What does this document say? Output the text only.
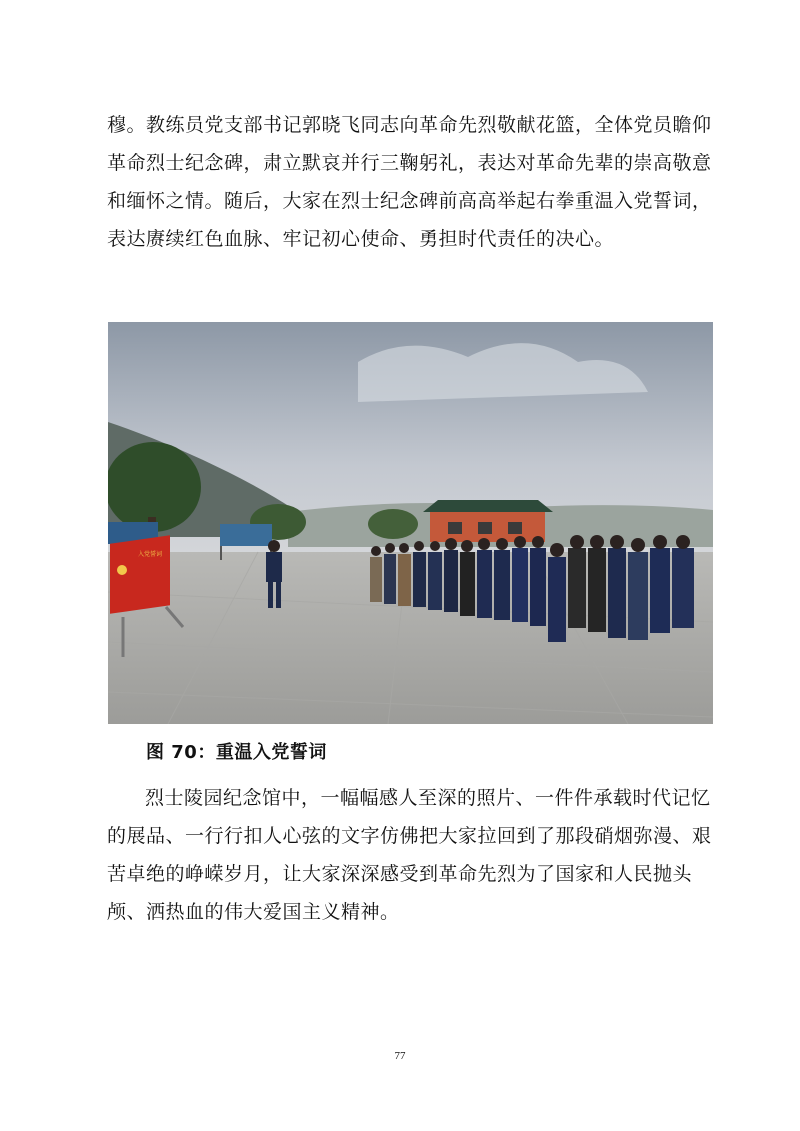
穆。教练员党支部书记郭晓飞同志向革命先烈敬献花篮，全体党员瞻仰革命烈士纪念碑，肃立默哀并行三鞠躬礼，表达对革命先辈的崇高敬意和缅怀之情。随后，大家在烈士纪念碑前高高举起右拳重温入党誓词，表达赓续红色血脉、牢记初心使命、勇担时代责任的决心。

入党誓词
图 70：重温入党誓词

烈士陵园纪念馆中，一幅幅感人至深的照片、一件件承载时代记忆的展品、一行行扣人心弦的文字仿佛把大家拉回到了那段硝烟弥漫、艰苦卓绝的峥嵘岁月，让大家深深感受到革命先烈为了国家和人民抛头颅、洒热血的伟大爱国主义精神。

77
